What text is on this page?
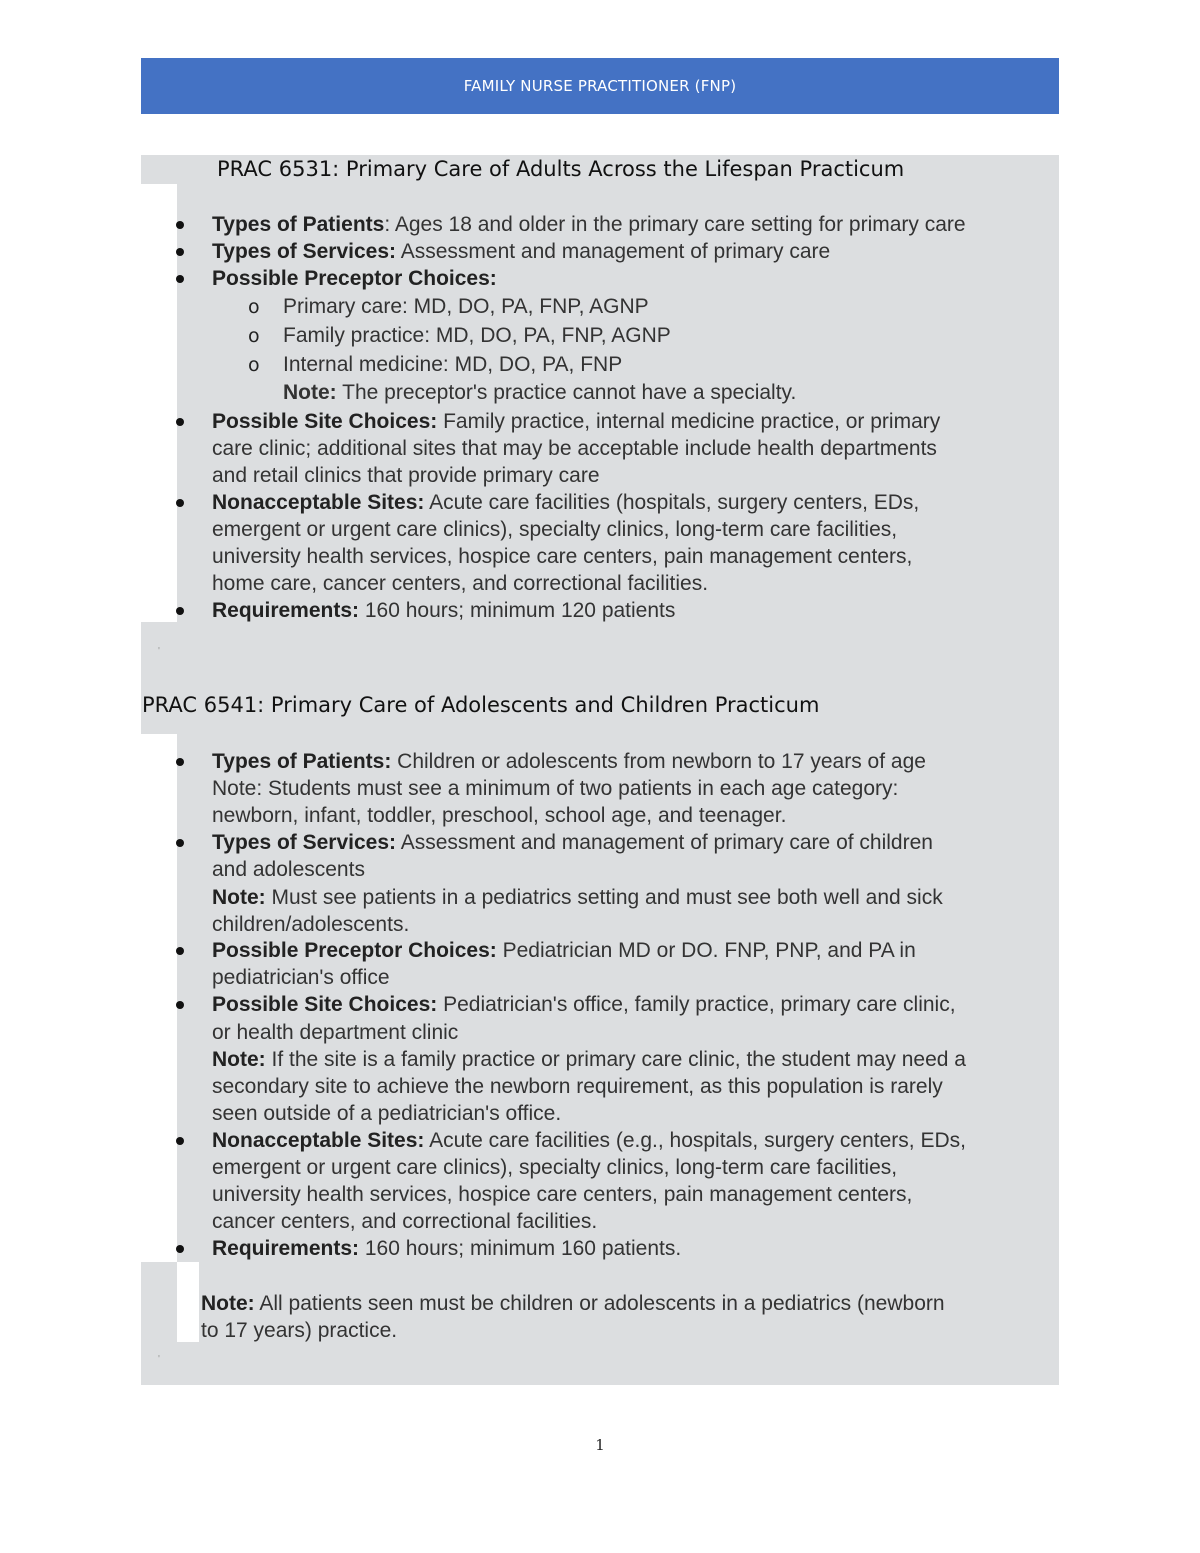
FAMILY NURSE PRACTITIONER (FNP)
PRAC 6531: Primary Care of Adults Across the Lifespan Practicum
Types of Patients: Ages 18 and older in the primary care setting for primary care
Types of Services: Assessment and management of primary care
Possible Preceptor Choices:
o Primary care: MD, DO, PA, FNP, AGNP
o Family practice: MD, DO, PA, FNP, AGNP
o Internal medicine: MD, DO, PA, FNP
Note: The preceptor's practice cannot have a specialty.
Possible Site Choices: Family practice, internal medicine practice, or primary
care clinic; additional sites that may be acceptable include health departments
and retail clinics that provide primary care
Nonacceptable Sites: Acute care facilities (hospitals, surgery centers, EDs,
emergent or urgent care clinics), specialty clinics, long-term care facilities,
university health services, hospice care centers, pain management centers,
home care, cancer centers, and correctional facilities.
Requirements: 160 hours; minimum 120 patients
'
PRAC 6541: Primary Care of Adolescents and Children Practicum
Types of Patients: Children or adolescents from newborn to 17 years of age
Note: Students must see a minimum of two patients in each age category:
newborn, infant, toddler, preschool, school age, and teenager.
Types of Services: Assessment and management of primary care of children
and adolescents
Note: Must see patients in a pediatrics setting and must see both well and sick
children/adolescents.
Possible Preceptor Choices: Pediatrician MD or DO. FNP, PNP, and PA in
pediatrician's office
Possible Site Choices: Pediatrician's office, family practice, primary care clinic,
or health department clinic
Note: If the site is a family practice or primary care clinic, the student may need a
secondary site to achieve the newborn requirement, as this population is rarely
seen outside of a pediatrician's office.
Nonacceptable Sites: Acute care facilities (e.g., hospitals, surgery centers, EDs,
emergent or urgent care clinics), specialty clinics, long-term care facilities,
university health services, hospice care centers, pain management centers,
cancer centers, and correctional facilities.
Requirements: 160 hours; minimum 160 patients.
Note: All patients seen must be children or adolescents in a pediatrics (newborn
to 17 years) practice.
'
1
